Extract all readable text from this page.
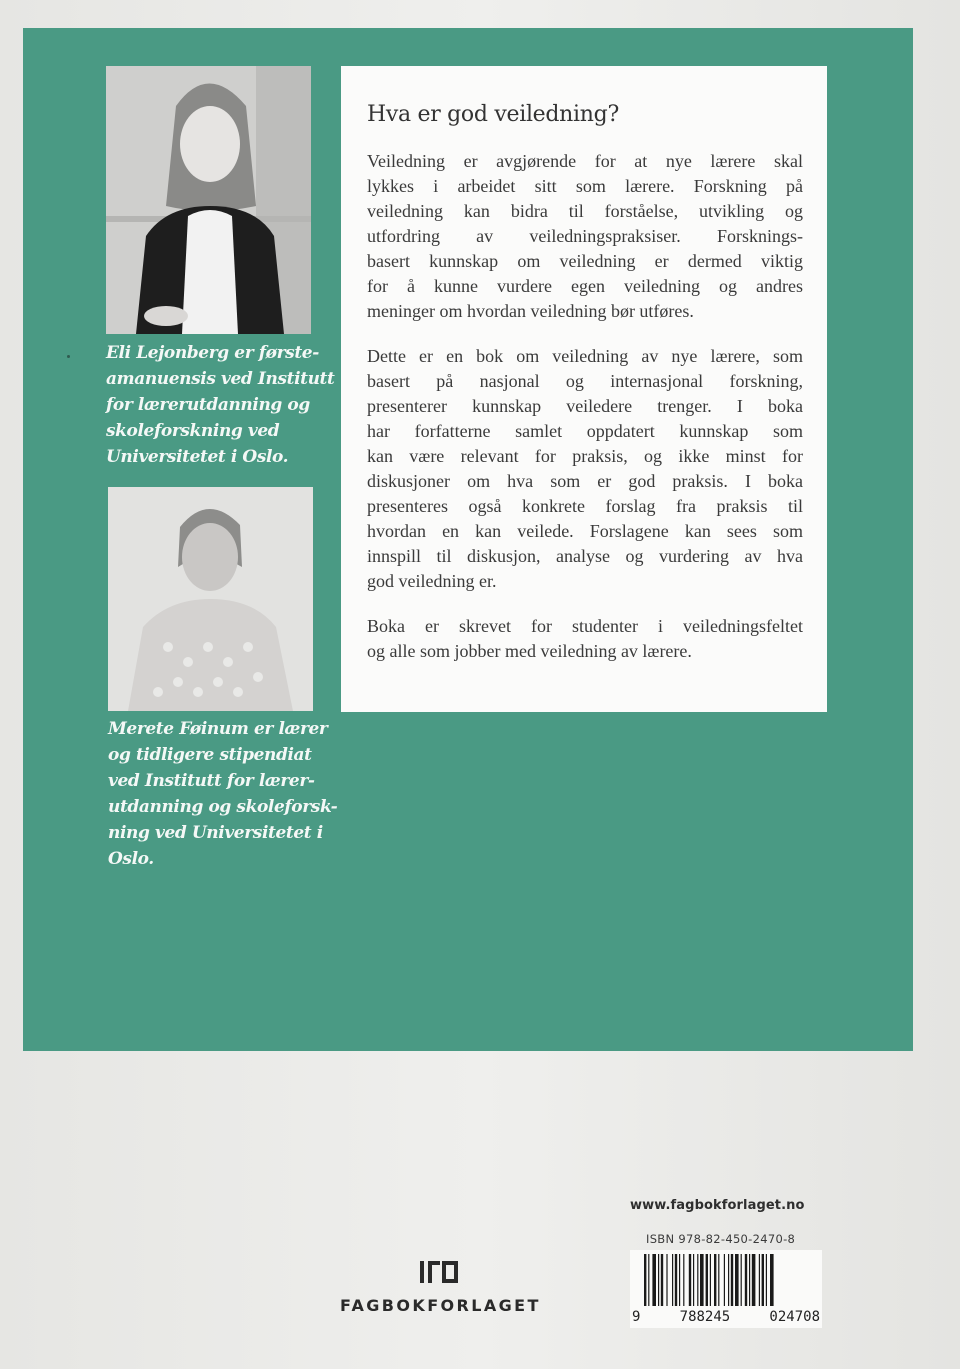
Eli Lejonberg er første-
amanuensis ved Institutt
for lærerutdanning og
skoleforskning ved
Universitetet i Oslo.
Merete Føinum er lærer
og tidligere stipendiat
ved Institutt for lærer-
utdanning og skoleforsk-
ning ved Universitetet i
Oslo.
Hva er god veiledning?
Veiledning er avgjørende for at nye lærere skal
lykkes i arbeidet sitt som lærere. Forskning på
veiledning kan bidra til forståelse, utvikling og
utfordring av veiledningspraksiser. Forsknings-
basert kunnskap om veiledning er dermed viktig
for å kunne vurdere egen veiledning og andres
meninger om hvordan veiledning bør utføres.
Dette er en bok om veiledning av nye lærere, som
basert på nasjonal og internasjonal forskning,
presenterer kunnskap veiledere trenger. I boka
har forfatterne samlet oppdatert kunnskap som
kan være relevant for praksis, og ikke minst for
diskusjoner om hva som er god praksis. I boka
presenteres også konkrete forslag fra praksis til
hvordan en kan veilede. Forslagene kan sees som
innspill til diskusjon, analyse og vurdering av hva
god veiledning er.
Boka er skrevet for studenter i veiledningsfeltet
og alle som jobber med veiledning av lærere.
www.fagbokforlaget.no
ISBN 978-82-450-2470-8
9	788245	024708
FAGBOKFORLAGET
